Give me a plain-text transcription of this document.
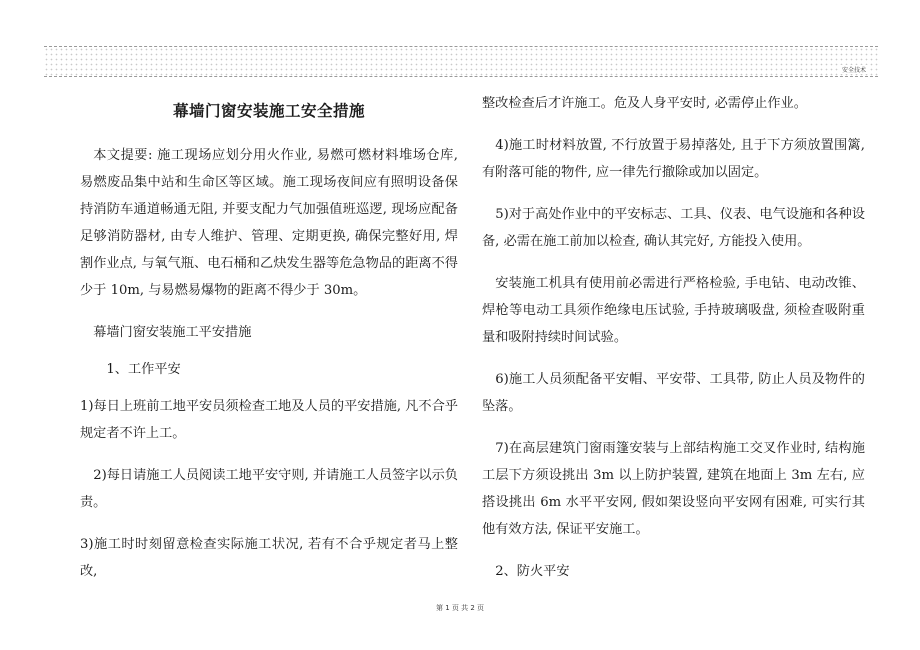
安全技术
幕墙门窗安装施工安全措施

本文提要: 施工现场应划分用火作业, 易燃可燃材料堆场仓库, 易燃废品集中站和生命区等区域。施工现场夜间应有照明设备保持消防车通道畅通无阻, 并要支配力气加强值班巡逻, 现场应配备足够消防器材, 由专人维护、管理、定期更换, 确保完整好用, 焊割作业点, 与氧气瓶、电石桶和乙炔发生器等危急物品的距离不得少于 10m, 与易燃易爆物的距离不得少于 30m。

幕墙门窗安装施工平安措施

1、工作平安

1)每日上班前工地平安员须检查工地及人员的平安措施, 凡不合乎规定者不许上工。

2)每日请施工人员阅读工地平安守则, 并请施工人员签字以示负责。

3)施工时时刻留意检查实际施工状况, 若有不合乎规定者马上整改,

整改检查后才许施工。危及人身平安时, 必需停止作业。

4)施工时材料放置, 不行放置于易掉落处, 且于下方须放置围篱, 有附落可能的物件, 应一律先行撤除或加以固定。

5)对于高处作业中的平安标志、工具、仪表、电气设施和各种设备, 必需在施工前加以检查, 确认其完好, 方能投入使用。

安装施工机具有使用前必需进行严格检验, 手电钻、电动改锥、焊枪等电动工具须作绝缘电压试验, 手持玻璃吸盘, 须检查吸附重量和吸附持续时间试验。

6)施工人员须配备平安帽、平安带、工具带, 防止人员及物件的坠落。

7)在高层建筑门窗雨篷安装与上部结构施工交叉作业时, 结构施工层下方须设挑出 3m 以上防护装置, 建筑在地面上 3m 左右, 应搭设挑出 6m 水平平安网, 假如架设竖向平安网有困难, 可实行其他有效方法, 保证平安施工。

2、防火平安

第 1 页 共 2 页
